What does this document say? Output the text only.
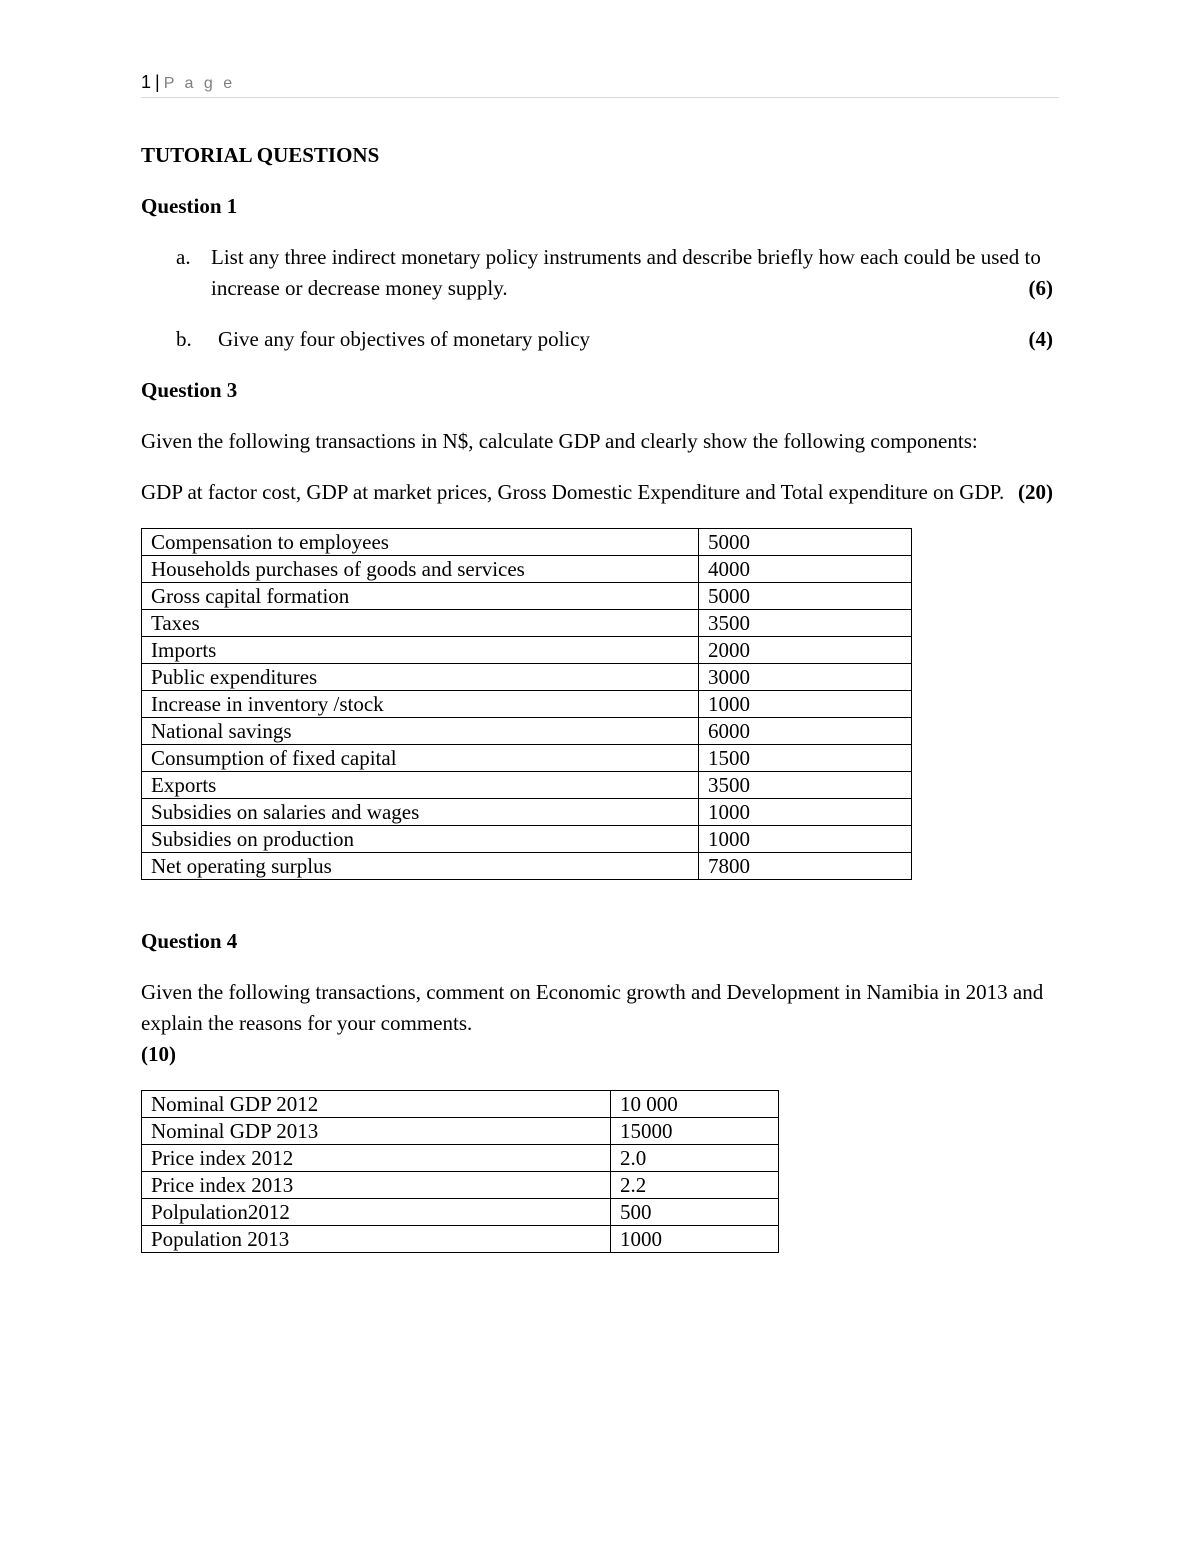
1 | P a g e

TUTORIAL QUESTIONS

Question 1

a. List any three indirect monetary policy instruments and describe briefly how each could be used to increase or decrease money supply.	(6)
b.	Give any four objectives of monetary policy	(4)

Question 3

Given the following transactions in N$, calculate GDP and clearly show the following components:

GDP at factor cost, GDP at market prices, Gross Domestic Expenditure and Total expenditure on GDP. (20)

Compensation to employees	5000
Households purchases of goods and services	4000
Gross capital formation	5000
Taxes	3500
Imports	2000
Public expenditures	3000
Increase in inventory /stock	1000
National savings	6000
Consumption of fixed capital	1500
Exports	3500
Subsidies on salaries and wages	1000
Subsidies on production	1000
Net operating surplus	7800

Question 4

Given the following transactions, comment on Economic growth and Development in Namibia in 2013 and explain the reasons for your comments.

(10)

Nominal GDP 2012	10 000
Nominal GDP 2013	15000
Price index 2012	2.0
Price index 2013	2.2
Polpulation2012	500
Population 2013	1000
